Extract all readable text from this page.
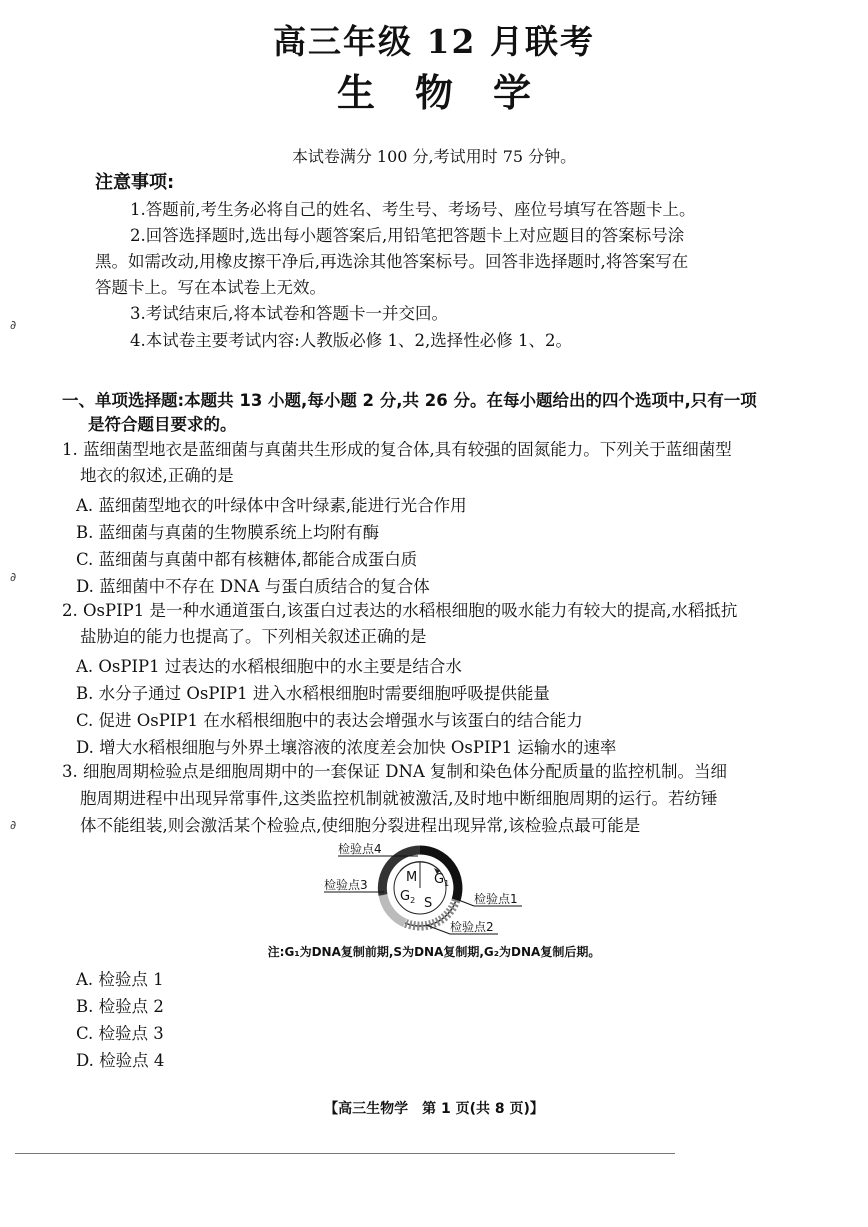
高三年级 12 月联考
生物学
本试卷满分 100 分,考试用时 75 分钟。
注意事项:
1.答题前,考生务必将自己的姓名、考生号、考场号、座位号填写在答题卡上。
2.回答选择题时,选出每小题答案后,用铅笔把答题卡上对应题目的答案标号涂
黑。如需改动,用橡皮擦干净后,再选涂其他答案标号。回答非选择题时,将答案写在
答题卡上。写在本试卷上无效。
3.考试结束后,将本试卷和答题卡一并交回。
4.本试卷主要考试内容:人教版必修 1、2,选择性必修 1、2。
∂
∂
∂
一、单项选择题:本题共 13 小题,每小题 2 分,共 26 分。在每小题给出的四个选项中,只有一项
是符合题目要求的。
1. 蓝细菌型地衣是蓝细菌与真菌共生形成的复合体,具有较强的固氮能力。下列关于蓝细菌型
地衣的叙述,正确的是
A. 蓝细菌型地衣的叶绿体中含叶绿素,能进行光合作用
B. 蓝细菌与真菌的生物膜系统上均附有酶
C. 蓝细菌与真菌中都有核糖体,都能合成蛋白质
D. 蓝细菌中不存在 DNA 与蛋白质结合的复合体
2. OsPIP1 是一种水通道蛋白,该蛋白过表达的水稻根细胞的吸水能力有较大的提高,水稻抵抗
盐胁迫的能力也提高了。下列相关叙述正确的是
A. OsPIP1 过表达的水稻根细胞中的水主要是结合水
B. 水分子通过 OsPIP1 进入水稻根细胞时需要细胞呼吸提供能量
C. 促进 OsPIP1 在水稻根细胞中的表达会增强水与该蛋白的结合能力
D. 增大水稻根细胞与外界土壤溶液的浓度差会加快 OsPIP1 运输水的速率
3. 细胞周期检验点是细胞周期中的一套保证 DNA 复制和染色体分配质量的监控机制。当细
胞周期进程中出现异常事件,这类监控机制就被激活,及时地中断细胞周期的运行。若纺锤
体不能组装,则会激活某个检验点,使细胞分裂进程出现异常,该检验点最可能是
M $G_1$
$G_2$ S
检验点4
检验点3
检验点1
检验点2
注:G₁为DNA复制前期,S为DNA复制期,G₂为DNA复制后期。
A. 检验点 1
B. 检验点 2
C. 检验点 3
D. 检验点 4
【高三生物学　第 1 页(共 8 页)】
